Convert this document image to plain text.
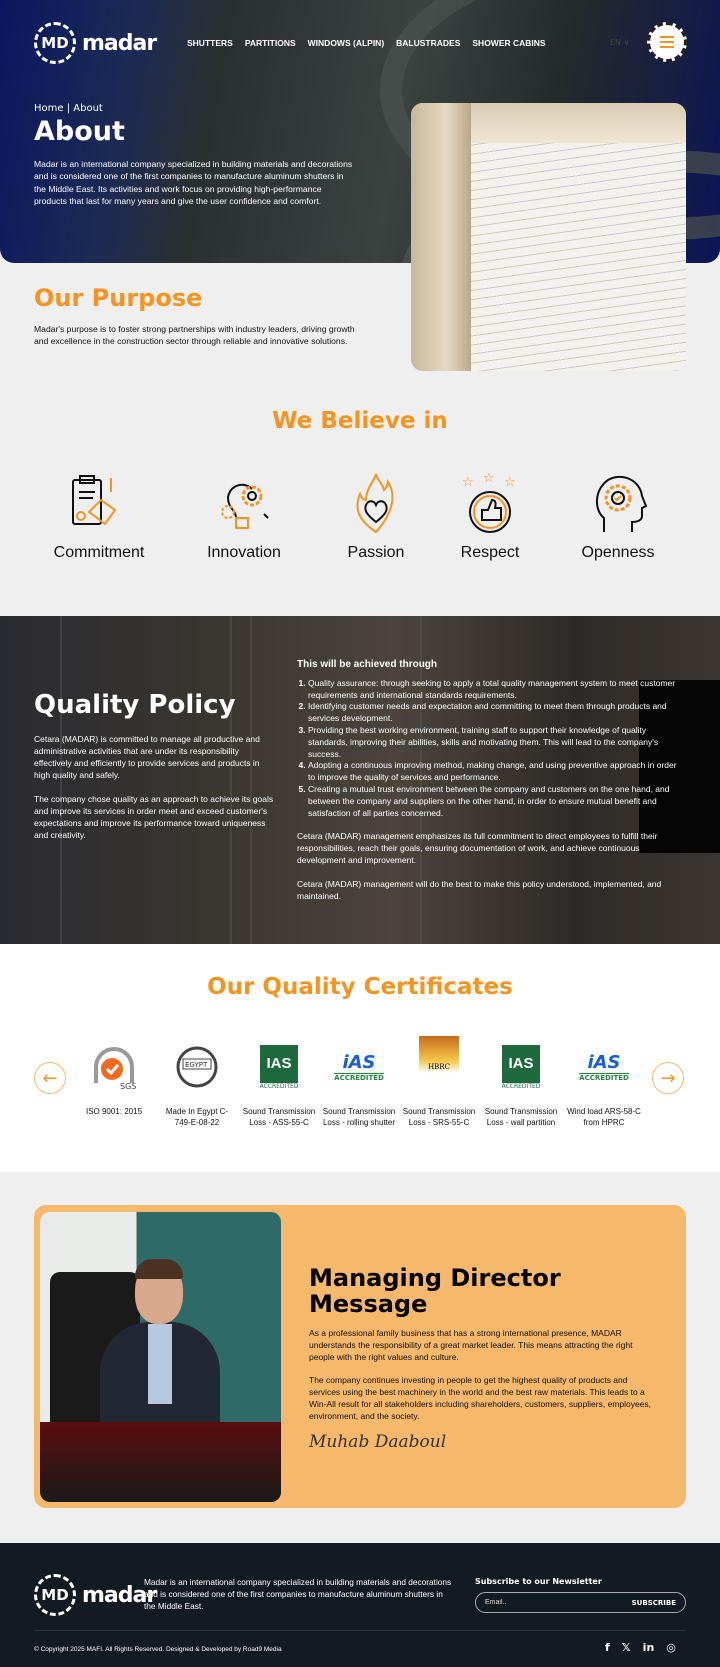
MD madar	SHUTTERS PARTITIONS WINDOWS (ALPIN) BALUSTRADES SHOWER CABINS	EN ∨
Home | About
About

Madar is an international company specialized in building materials and decorations and is considered one of the first companies to manufacture aluminum shutters in the Middle East. Its activities and work focus on providing high-performance products that last for many years and give the user confidence and comfort.

Our Purpose

Madar's purpose is to foster strong partnerships with industry leaders, driving growth and excellence in the construction sector through reliable and innovative solutions.

We Believe in
Commitment	Innovation	Passion
☆ ☆ ☆
Respect	Openness
Quality Policy

Cetara (MADAR) is committed to manage all productive and administrative activities that are under its responsibility effectively and efficiently to provide services and products in high quality and safely.

The company chose quality as an approach to achieve its goals and improve its services in order meet and exceed customer's expectations and improve its performance toward uniqueness and creativity.

This will be achieved through
1. Quality assurance: through seeking to apply a total quality management system to meet customer requirements and international standards requirements.
2. Identifying customer needs and expectation and committing to meet them through products and services development.
3. Providing the best working environment, training staff to support their knowledge of quality standards, improving their abilities, skills and motivating them. This will lead to the company's success.
4. Adopting a continuous improving method, making change, and using preventive approach in order to improve the quality of services and performance.
5. Creating a mutual trust environment between the company and customers on the one hand, and between the company and suppliers on the other hand, in order to ensure mutual benefit and satisfaction of all parties concerned.

Cetara (MADAR) management emphasizes its full commitment to direct employees to fulfill their responsibilities, reach their goals, ensuring documentation of work, and achieve continuous development and improvement.

Cetara (MADAR) management will do the best to make this policy understood, implemented, and maintained.

Our Quality Certificates
←	→
SGS
ISO 9001: 2015
EGYPT
Made In Egypt C-749-E-08-22
IAS
ACCREDITED
Sound Transmission Loss - ASS-55-C
iAS
ACCREDITED
Sound Transmission Loss - rolling shutter
HBRC
Sound Transmission Loss - SRS-55-C
IAS
ACCREDITED
Sound Transmission Loss - wall partition
iAS
ACCREDITED
Wind load ARS-58-C from HPRC
Managing Director Message

As a professional family business that has a strong international presence, MADAR understands the responsibility of a great market leader. This means attracting the right people with the right values and culture.

The company continues investing in people to get the highest quality of products and services using the best machinery in the world and the best raw materials. This leads to a Win-All result for all stakeholders including shareholders, customers, suppliers, employees, environment, and the society.

Muhab Daaboul
MD madar

Madar is an international company specialized in building materials and decorations and is considered one of the first companies to manufacture aluminum shutters in the Middle East.

Subscribe to our Newsletter
Email..
SUBSCRIBE
© Copyright 2025 MAFI. All Rights Reserved. Designed & Developed by Road9 Media	f 𝕏 in ◎
